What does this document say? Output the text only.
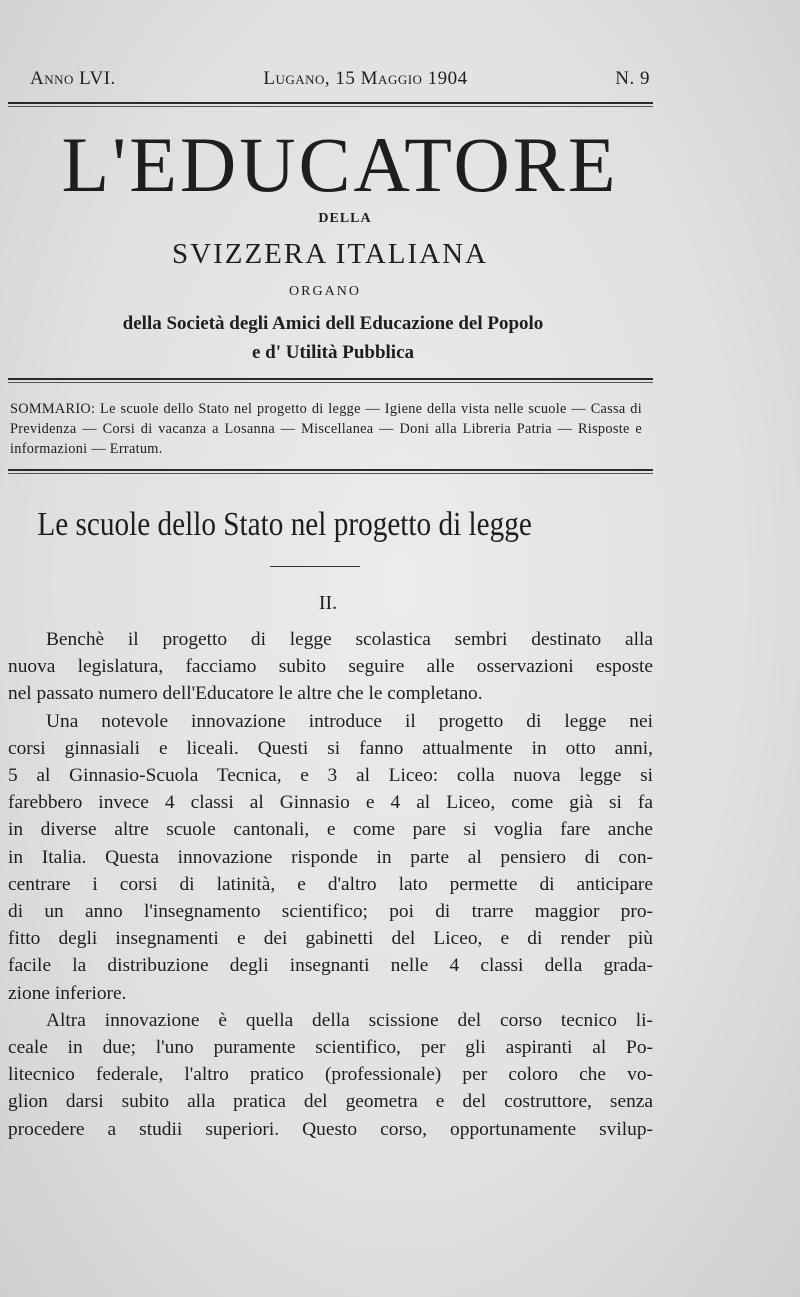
Anno LVI.	Lugano, 15 Maggio 1904	N. 9
L'EDUCATORE
DELLA
SVIZZERA ITALIANA
ORGANO
della Società degli Amici dell Educazione del Popolo
e d' Utilità Pubblica
SOMMARIO: Le scuole dello Stato nel progetto di legge — Igiene della vista nelle scuole — Cassa di Previdenza — Corsi di vacanza a Losanna — Miscellanea — Doni alla Libreria Patria — Risposte e informazioni — Erratum.
Le scuole dello Stato nel progetto di legge
II.

Benchè il progetto di legge scolastica sembri destinato alla

nuova legislatura, facciamo subito seguire alle osservazioni esposte

nel passato numero dell'Educatore le altre che le completano.

Una notevole innovazione introduce il progetto di legge nei

corsi ginnasiali e liceali. Questi si fanno attualmente in otto anni,

5 al Ginnasio-Scuola Tecnica, e 3 al Liceo: colla nuova legge si

farebbero invece 4 classi al Ginnasio e 4 al Liceo, come già si fa

in diverse altre scuole cantonali, e come pare si voglia fare anche

in Italia. Questa innovazione risponde in parte al pensiero di con-

centrare i corsi di latinità, e d'altro lato permette di anticipare

di un anno l'insegnamento scientifico; poi di trarre maggior pro-

fitto degli insegnamenti e dei gabinetti del Liceo, e di render più

facile la distribuzione degli insegnanti nelle 4 classi della grada-

zione inferiore.

Altra innovazione è quella della scissione del corso tecnico li-

ceale in due; l'uno puramente scientifico, per gli aspiranti al Po-

litecnico federale, l'altro pratico (professionale) per coloro che vo-

glion darsi subito alla pratica del geometra e del costruttore, senza

procedere a studii superiori. Questo corso, opportunamente svilup-
